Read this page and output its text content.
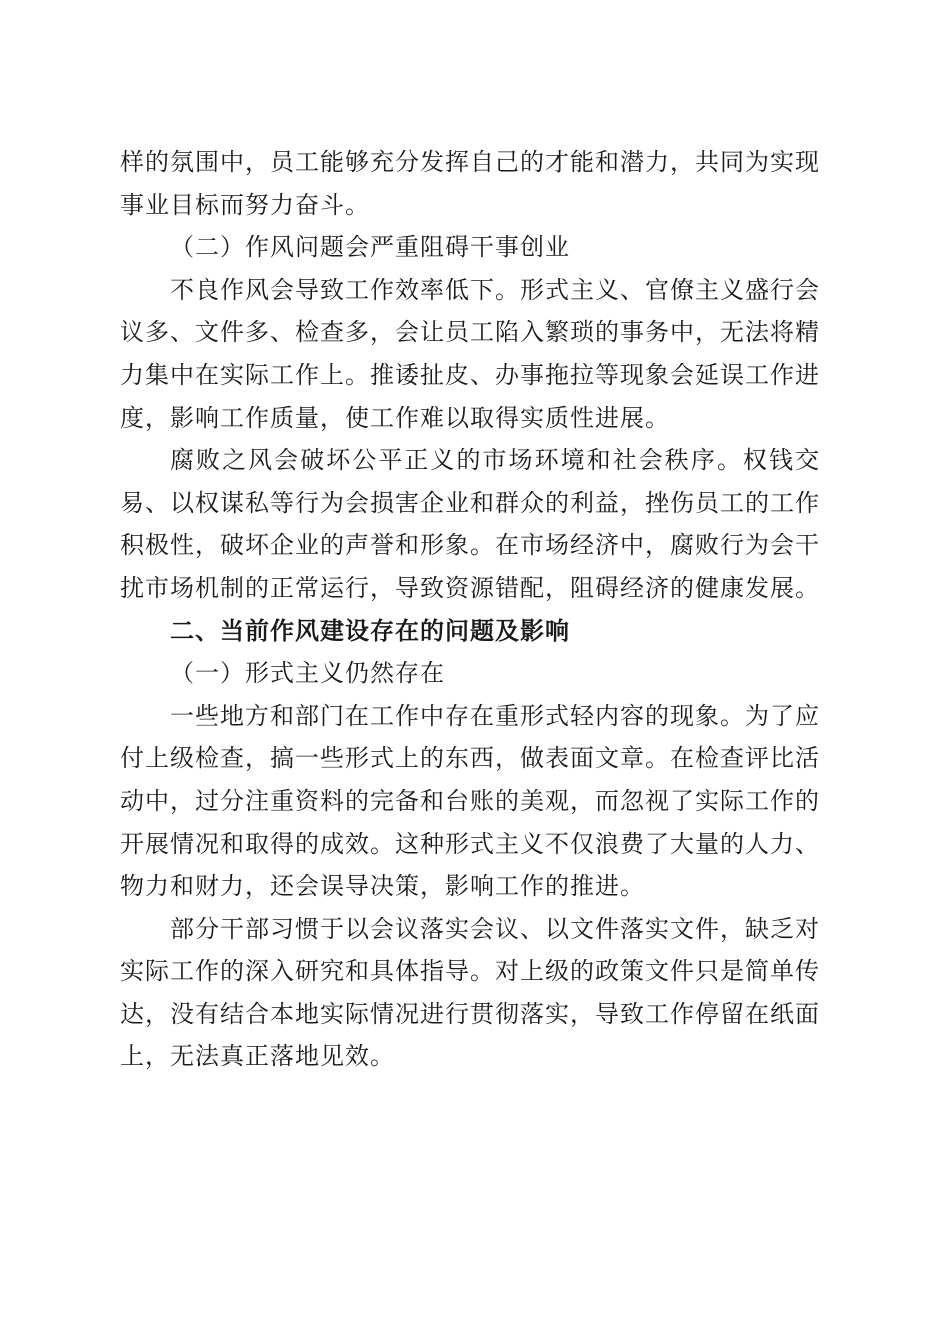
样的氛围中，员工能够充分发挥自己的才能和潜力，共同为实现事业目标而努力奋斗。

（二）作风问题会严重阻碍干事创业

不良作风会导致工作效率低下。形式主义、官僚主义盛行会议多、文件多、检查多，会让员工陷入繁琐的事务中，无法将精力集中在实际工作上。推诿扯皮、办事拖拉等现象会延误工作进度，影响工作质量，使工作难以取得实质性进展。

腐败之风会破坏公平正义的市场环境和社会秩序。权钱交易、以权谋私等行为会损害企业和群众的利益，挫伤员工的工作积极性，破坏企业的声誉和形象。在市场经济中，腐败行为会干扰市场机制的正常运行，导致资源错配，阻碍经济的健康发展。

二、当前作风建设存在的问题及影响

（一）形式主义仍然存在

一些地方和部门在工作中存在重形式轻内容的现象。为了应付上级检查，搞一些形式上的东西，做表面文章。在检查评比活动中，过分注重资料的完备和台账的美观，而忽视了实际工作的开展情况和取得的成效。这种形式主义不仅浪费了大量的人力、物力和财力，还会误导决策，影响工作的推进。

部分干部习惯于以会议落实会议、以文件落实文件，缺乏对实际工作的深入研究和具体指导。对上级的政策文件只是简单传达，没有结合本地实际情况进行贯彻落实，导致工作停留在纸面上，无法真正落地见效。
